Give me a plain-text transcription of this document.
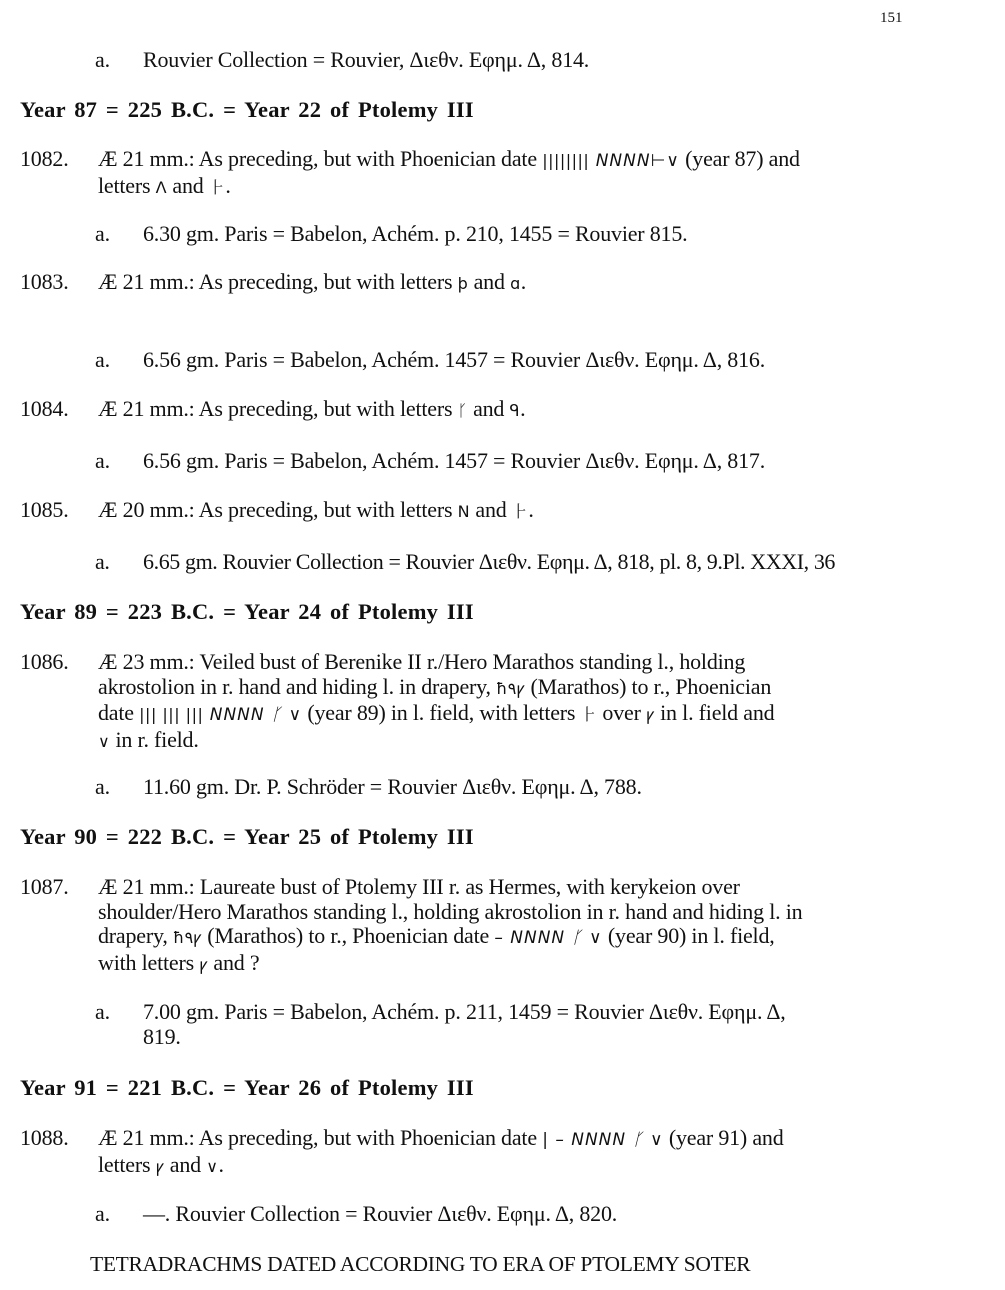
151
a. Rouvier Collection = Rouvier, Διεθν. Εφημ. Δ, 814.
Year 87 = 225 B.C. = Year 22 of Ptolemy III
1082. Æ 21 mm.: As preceding, but with Phoenician date |||||||| NNNN⊢∨ (year 87) and
letters Λ and ⺊.
a. 6.30 gm. Paris = Babelon, Achém. p. 210, 1455 = Rouvier 815.
1083. Æ 21 mm.: As preceding, but with letters ϸ and ɑ.
a. 6.56 gm. Paris = Babelon, Achém. 1457 = Rouvier Διεθν. Εφημ. Δ, 816.
1084. Æ 21 mm.: As preceding, but with letters ᚴ and ᑫ.
a. 6.56 gm. Paris = Babelon, Achém. 1457 = Rouvier Διεθν. Εφημ. Δ, 817.
1085. Æ 20 mm.: As preceding, but with letters N and ⺊.
a. 6.65 gm. Rouvier Collection = Rouvier Διεθν. Εφημ. Δ, 818, pl. 8, 9.Pl. XXXI, 36
Year 89 = 223 B.C. = Year 24 of Ptolemy III
1086. Æ 23 mm.: Veiled bust of Berenike II r./Hero Marathos standing l., holding
akrostolion in r. hand and hiding l. in drapery, ħ٩ꝩ (Marathos) to r., Phoenician
date ||| ||| ||| NNNN ᚴ ∨ (year 89) in l. field, with letters ⺊ over ꝩ in l. field and
∨ in r. field.
a. 11.60 gm. Dr. P. Schröder = Rouvier Διεθν. Εφημ. Δ, 788.
Year 90 = 222 B.C. = Year 25 of Ptolemy III
1087. Æ 21 mm.: Laureate bust of Ptolemy III r. as Hermes, with kerykeion over
shoulder/Hero Marathos standing l., holding akrostolion in r. hand and hiding l. in
drapery, ħ٩ꝩ (Marathos) to r., Phoenician date – NNNN ᚴ ∨ (year 90) in l. field,
with letters ꝩ and ?
a. 7.00 gm. Paris = Babelon, Achém. p. 211, 1459 = Rouvier Διεθν. Εφημ. Δ,
819.
Year 91 = 221 B.C. = Year 26 of Ptolemy III
1088. Æ 21 mm.: As preceding, but with Phoenician date | – NNNN ᚴ ∨ (year 91) and
letters ꝩ and ∨.
a. —. Rouvier Collection = Rouvier Διεθν. Εφημ. Δ, 820.
TETRADRACHMS DATED ACCORDING TO ERA OF PTOLEMY SOTER
